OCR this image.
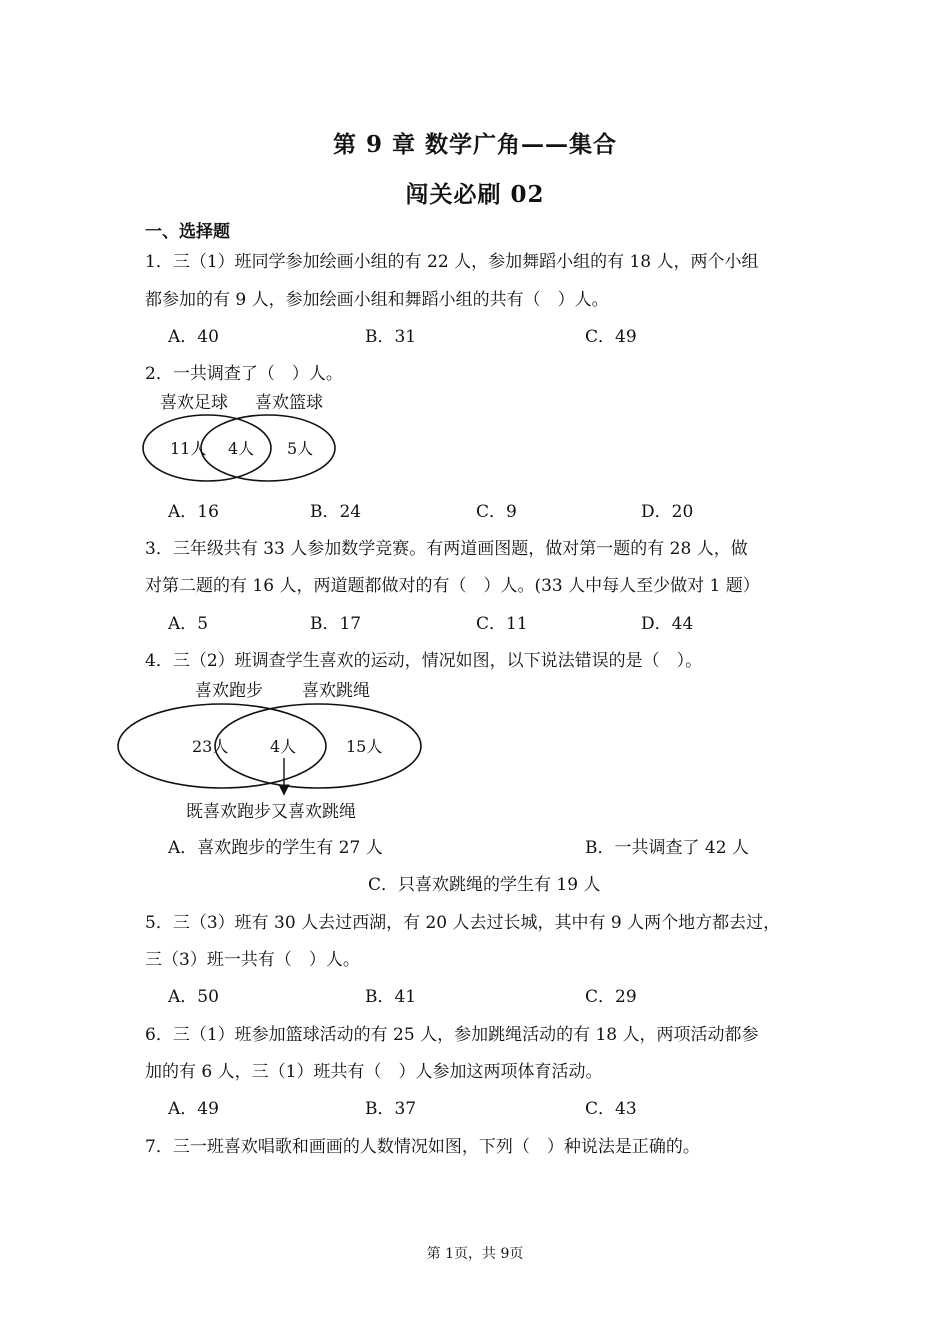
第 9 章 数学广角——集合
闯关必刷 02
一、选择题
1．三（1）班同学参加绘画小组的有 22 人，参加舞蹈小组的有 18 人，两个小组
都参加的有 9 人，参加绘画小组和舞蹈小组的共有（　）人。
A．40	B．31	C．49
2．一共调查了（　）人。
喜欢足球 喜欢篮球
11人 4人 5人
A．16	B．24	C．9	D．20
3．三年级共有 33 人参加数学竞赛。有两道画图题，做对第一题的有 28 人，做
对第二题的有 16 人，两道题都做对的有（　）人。(33 人中每人至少做对 1 题）
A．5	B．17	C．11	D．44
4．三（2）班调查学生喜欢的运动，情况如图，以下说法错误的是（　）。
喜欢跑步 喜欢跳绳
23人	4人	15人
既喜欢跑步又喜欢跳绳
A．喜欢跑步的学生有 27 人	B．一共调查了 42 人
C．只喜欢跳绳的学生有 19 人
5．三（3）班有 30 人去过西湖，有 20 人去过长城，其中有 9 人两个地方都去过，
三（3）班一共有（　）人。
A．50	B．41	C．29
6．三（1）班参加篮球活动的有 25 人，参加跳绳活动的有 18 人，两项活动都参
加的有 6 人，三（1）班共有（　）人参加这两项体育活动。
A．49	B．37	C．43
7．三一班喜欢唱歌和画画的人数情况如图，下列（　）种说法是正确的。
第 1页，共 9页
